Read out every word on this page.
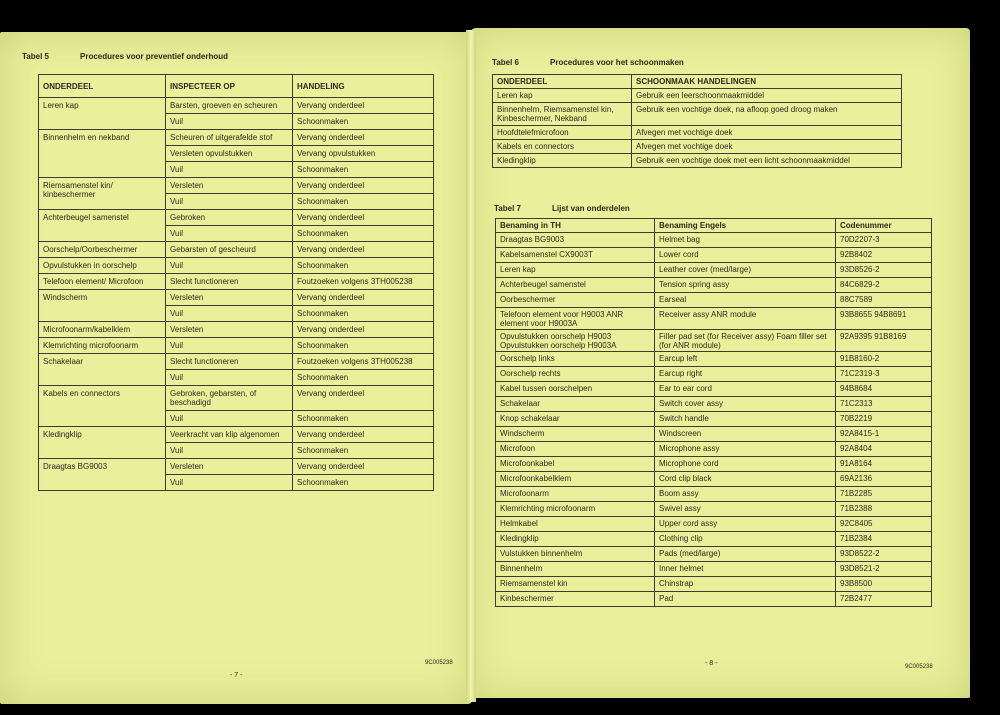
Tabel 5	Procedures voor preventief onderhoud
ONDERDEEL	INSPECTEER OP	HANDELING
Leren kap	Barsten, groeven en scheuren	Vervang onderdeel
	Vuil	Schoonmaken
Binnenhelm en nekband	Scheuren of uitgerafelde stof	Vervang onderdeel
	Versleten opvulstukken	Vervang opvulstukken
	Vuil	Schoonmaken
Riemsamenstel kin/ kinbeschermer	Versleten	Vervang onderdeel
	Vuil	Schoonmaken
Achterbeugel samenstel	Gebroken	Vervang onderdeel
	Vuil	Schoonmaken
Oorschelp/Oorbeschermer	Gebarsten of gescheurd	Vervang onderdeel
Opvulstukken in oorschelp	Vuil	Schoonmaken
Telefoon element/ Microfoon	Slecht functioneren	Foutzoeken volgens 3TH005238
Windscherm	Versleten	Vervang onderdeel
	Vuil	Schoonmaken
Microfoonarm/kabelklem	Versleten	Vervang onderdeel
Klemrichting microfoonarm	Vuil	Schoonmaken
Schakelaar	Slecht functioneren	Foutzoeken volgens 3TH005238
	Vuil	Schoonmaken
Kabels en connectors	Gebroken, gebarsten, of beschadigd	Vervang onderdeel
	Vuil	Schoonmaken
Kledingklip	Veerkracht van klip algenomen	Vervang onderdeel
	Vuil	Schoonmaken
Draagtas BG9003	Versleten	Vervang onderdeel
	Vuil	Schoonmaken
- 7 -
9C005238
Tabel 6	Procedures voor het schoonmaken
ONDERDEEL	SCHOONMAAK HANDELINGEN
Leren kap	Gebruik een leerschoonmaakmiddel
Binnenhelm, Riemsamenstel kin, Kinbeschermer, Nekband	Gebruik een vochtige doek, na afloop goed droog maken
Hoofdtelefmicrofoon	Afvegen met vochtige doek
Kabels en connectors	Afvegen met vochtige doek
Kledingklip	Gebruik een vochtige doek met een licht schoonmaakmiddel
Tabel 7	Lijst van onderdelen
Benaming in TH	Benaming Engels	Codenummer
Draagtas BG9003	Helmet bag	70D2207-3
Kabelsamenstel CX9003T	Lower cord	92B8402
Leren kap	Leather cover (med/large)	93D8526-2
Achterbeugel samenstel	Tension spring assy	84C6829-2
Oorbeschermer	Earseal	88C7589
Telefoon element voor H9003 ANR element voor H9003A	Receiver assy ANR module	93B8655 94B8691
Opvulstukken oorschelp H9003 Opvulstukken oorschelp H9003A	Filler pad set (for Receiver assy) Foam filler set (for ANR module)	92A9395 91B8169
Oorschelp links	Earcup left	91B8160-2
Oorschelp rechts	Earcup right	71C2319-3
Kabel tussen oorschelpen	Ear to ear cord	94B8684
Schakelaar	Switch cover assy	71C2313
Knop schakelaar	Switch handle	70B2219
Windscherm	Windscreen	92A8415-1
Microfoon	Microphone assy	92A8404
Microfoonkabel	Microphone cord	91A8164
Microfoonkabelklem	Cord clip black	69A2136
Microfoonarm	Boom assy	71B2285
Klemrichting microfoonarm	Swivel assy	71B2388
Helmkabel	Upper cord assy	92C8405
Kledingklip	Clothing clip	71B2384
Vulstukken binnenhelm	Pads (med/large)	93D8522-2
Binnenhelm	Inner helmet	93D8521-2
Riemsamenstel kin	Chinstrap	93B8500
Kinbeschermer	Pad	72B2477
- 8 -	9C005238
